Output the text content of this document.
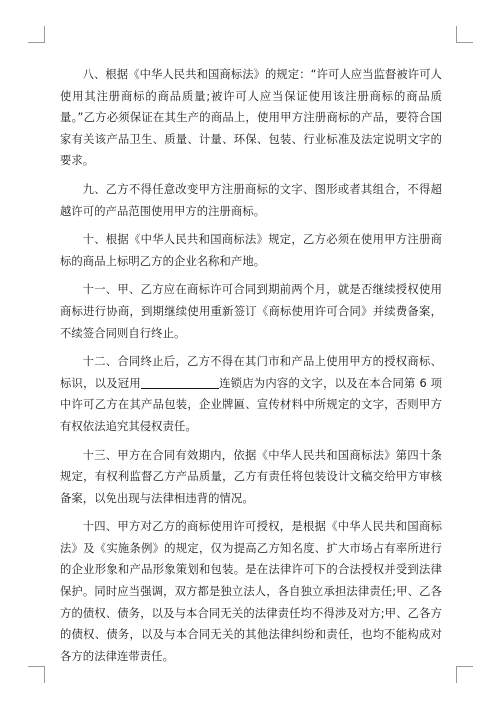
八、根据《中华人民共和国商标法》的规定：“许可人应当监督被许可人使用其注册商标的商品质量;被许可人应当保证使用该注册商标的商品质量。”乙方必须保证在其生产的商品上，使用甲方注册商标的产品，要符合国家有关该产品卫生、质量、计量、环保、包装、行业标准及法定说明文字的要求。

九、乙方不得任意改变甲方注册商标的文字、图形或者其组合，不得超越许可的产品范围使用甲方的注册商标。

十、根据《中华人民共和国商标法》规定，乙方必须在使用甲方注册商标的商品上标明乙方的企业名称和产地。

十一、甲、乙方应在商标许可合同到期前两个月，就是否继续授权使用商标进行协商，到期继续使用重新签订《商标使用许可合同》并续费备案，不续签合同则自行终止。

十二、合同终止后，乙方不得在其门市和产品上使用甲方的授权商标、标识，以及冠用	连锁店为内容的文字，以及在本合同第 6 项中许可乙方在其产品包装，企业牌匾、宣传材料中所规定的文字，否则甲方有权依法追究其侵权责任。

十三、甲方在合同有效期内，依据《中华人民共和国商标法》第四十条规定，有权利监督乙方产品质量，乙方有责任将包装设计文稿交给甲方审核备案，以免出现与法律相违背的情况。

十四、甲方对乙方的商标使用许可授权，是根据《中华人民共和国商标法》及《实施条例》的规定，仅为提高乙方知名度、扩大市场占有率所进行的企业形象和产品形象策划和包装。是在法律许可下的合法授权并受到法律保护。同时应当强调，双方都是独立法人，各自独立承担法律责任;甲、乙各方的债权、债务，以及与本合同无关的法律责任均不得涉及对方;甲、乙各方的债权、债务，以及与本合同无关的其他法律纠纷和责任，也均不能构成对各方的法律连带责任。
